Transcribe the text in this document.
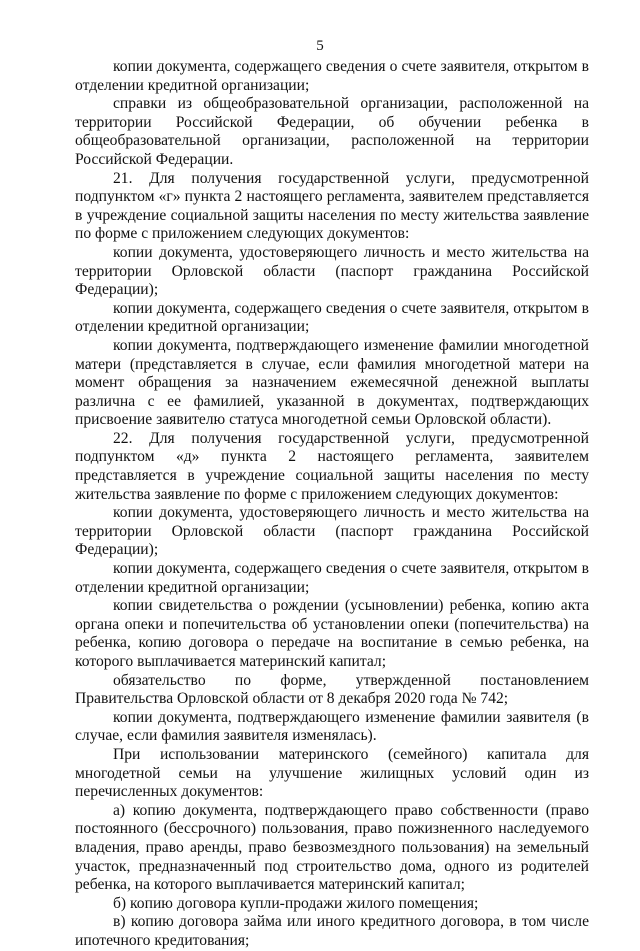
5

копии документа, содержащего сведения о счете заявителя, открытом в отделении кредитной организации;

справки из общеобразовательной организации, расположенной на территории Российской Федерации, об обучении ребенка в общеобразовательной организации, расположенной на территории Российской Федерации.

21. Для получения государственной услуги, предусмотренной подпунктом «г» пункта 2 настоящего регламента, заявителем представляется в учреждение социальной защиты населения по месту жительства заявление по форме с приложением следующих документов:

копии документа, удостоверяющего личность и место жительства на территории Орловской области (паспорт гражданина Российской Федерации);

копии документа, содержащего сведения о счете заявителя, открытом в отделении кредитной организации;

копии документа, подтверждающего изменение фамилии многодетной матери (представляется в случае, если фамилия многодетной матери на момент обращения за назначением ежемесячной денежной выплаты различна с ее фамилией, указанной в документах, подтверждающих присвоение заявителю статуса многодетной семьи Орловской области).

22. Для получения государственной услуги, предусмотренной подпунктом «д» пункта 2 настоящего регламента, заявителем представляется в учреждение социальной защиты населения по месту жительства заявление по форме с приложением следующих документов:

копии документа, удостоверяющего личность и место жительства на территории Орловской области (паспорт гражданина Российской Федерации);

копии документа, содержащего сведения о счете заявителя, открытом в отделении кредитной организации;

копии свидетельства о рождении (усыновлении) ребенка, копию акта органа опеки и попечительства об установлении опеки (попечительства) на ребенка, копию договора о передаче на воспитание в семью ребенка, на которого выплачивается материнский капитал;

обязательство по форме, утвержденной постановлением Правительства Орловской области от 8 декабря 2020 года № 742;

копии документа, подтверждающего изменение фамилии заявителя (в случае, если фамилия заявителя изменялась).

При использовании материнского (семейного) капитала для многодетной семьи на улучшение жилищных условий один из перечисленных документов:

а) копию документа, подтверждающего право собственности (право постоянного (бессрочного) пользования, право пожизненного наследуемого владения, право аренды, право безвозмездного пользования) на земельный участок, предназначенный под строительство дома, одного из родителей ребенка, на которого выплачивается материнский капитал;

б) копию договора купли-продажи жилого помещения;

в) копию договора займа или иного кредитного договора, в том числе ипотечного кредитования;
